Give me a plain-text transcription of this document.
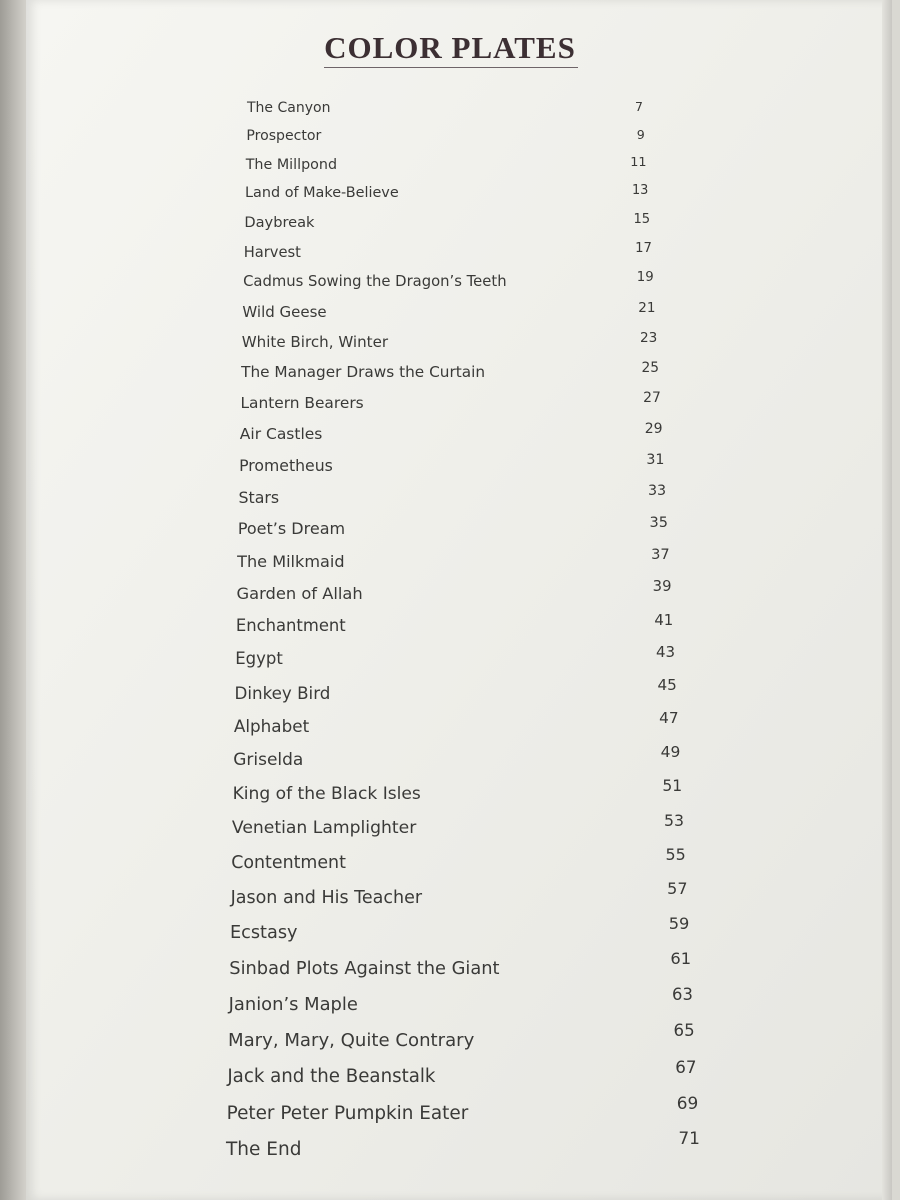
COLOR PLATES
The Canyon	7
Prospector	9
The Millpond	11
Land of Make-Believe	13
Daybreak	15
Harvest	17
Cadmus Sowing the Dragon’s Teeth	19
Wild Geese	21
White Birch, Winter	23
The Manager Draws the Curtain	25
Lantern Bearers	27
Air Castles	29
Prometheus	31
Stars	33
Poet’s Dream	35
The Milkmaid	37
Garden of Allah	39
Enchantment	41
Egypt	43
Dinkey Bird	45
Alphabet	47
Griselda	49
King of the Black Isles	51
Venetian Lamplighter	53
Contentment	55
Jason and His Teacher	57
Ecstasy	59
Sinbad Plots Against the Giant	61
Janion’s Maple	63
Mary, Mary, Quite Contrary	65
Jack and the Beanstalk	67
Peter Peter Pumpkin Eater	69
The End	71
